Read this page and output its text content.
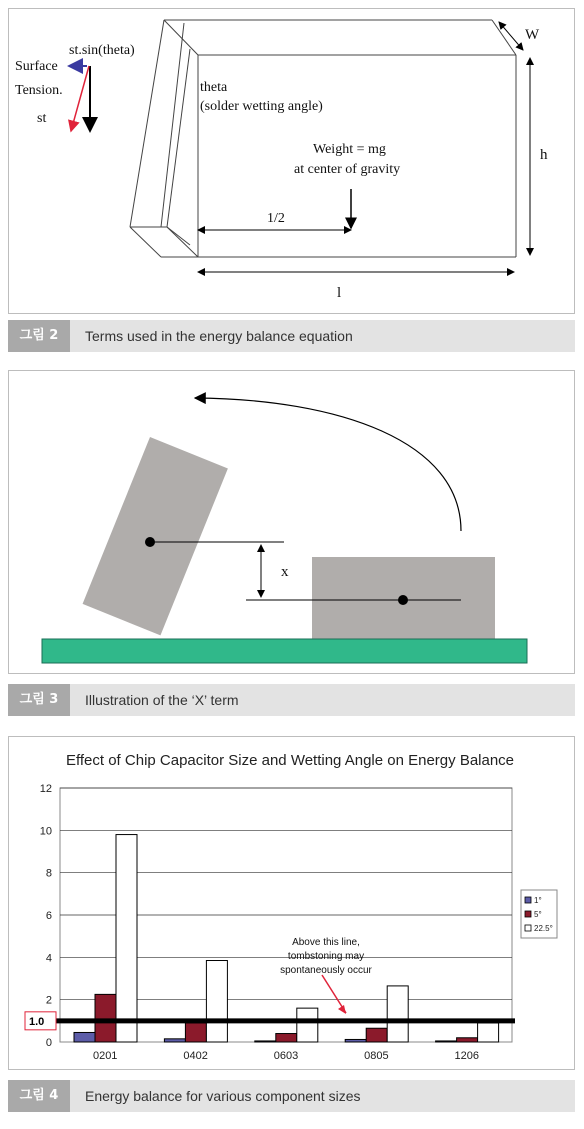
W
h
l
1/2
Weight = mg
at center of gravity
theta
(solder wetting angle)
st.sin(theta)
Surface
Tension.
st
그림 2	Terms used in the energy balance equation
x
그림 3	Illustration of the ‘X’ term
Effect of Chip Capacitor Size and Wetting Angle on Energy Balance
1.0
0
2
4
6
8
10
12
0201	0402	0603	0805	1206
Above this line,
tombstoning may
spontaneously occur
1°
5°
22.5°
그림 4	Energy balance for various component sizes
